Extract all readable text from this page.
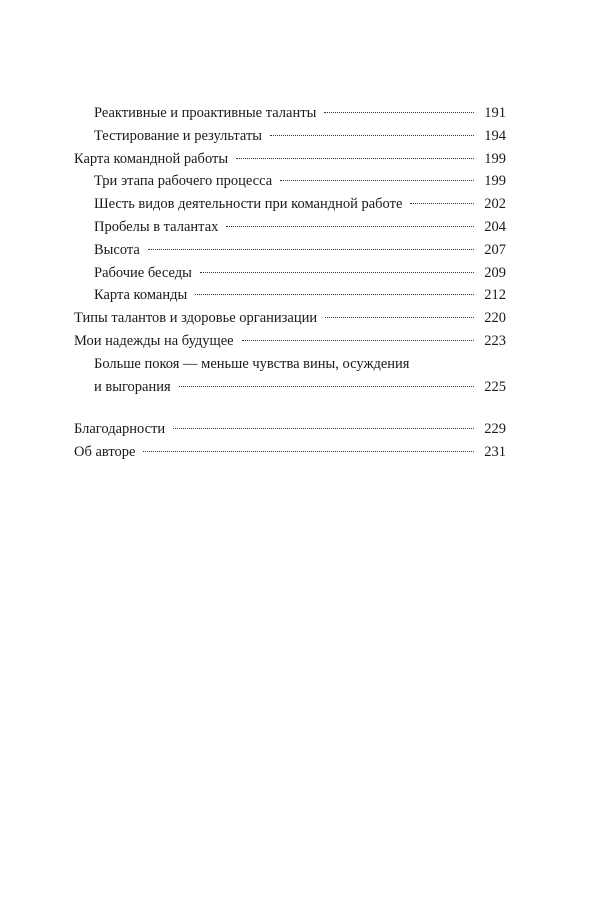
Реактивные и проактивные таланты	191
Тестирование и результаты	194
Карта командной работы	199
Три этапа рабочего процесса	199
Шесть видов деятельности при командной работе	202
Пробелы в талантах	204
Высота	207
Рабочие беседы	209
Карта команды	212
Типы талантов и здоровье организации	220
Мои надежды на будущее	223
Больше покоя — меньше чувства вины, осуждения
и выгорания	225
Благодарности	229
Об авторе	231
